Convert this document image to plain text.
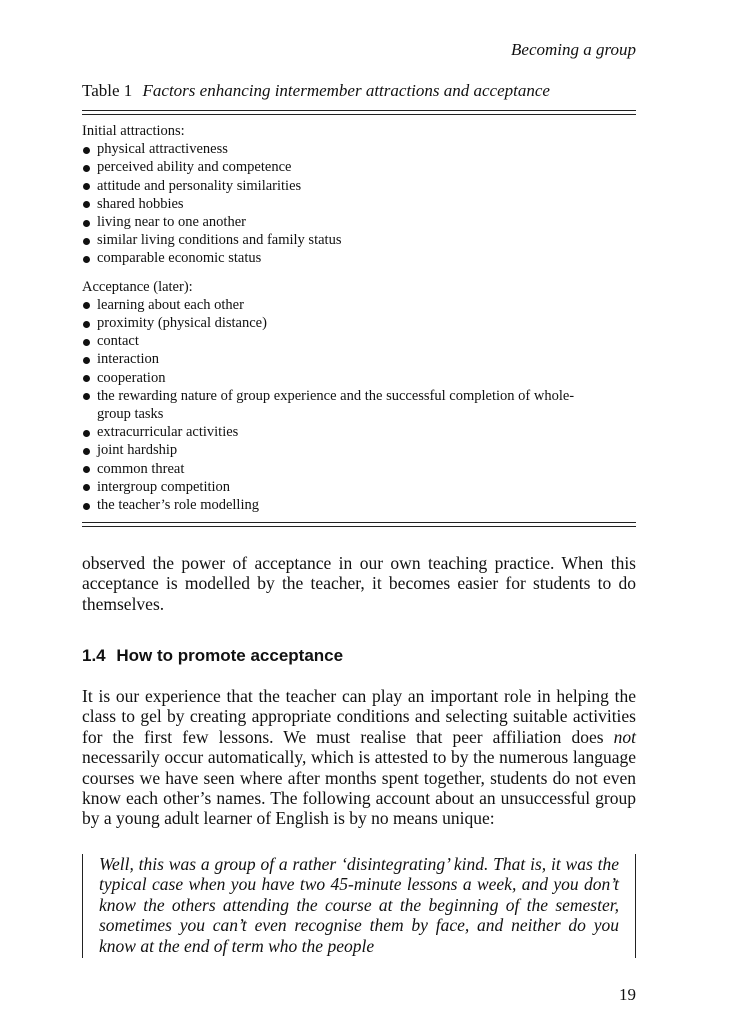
Becoming a group
Table 1 Factors enhancing intermember attractions and acceptance
Initial attractions:
physical attractiveness
perceived ability and competence
attitude and personality similarities
shared hobbies
living near to one another
similar living conditions and family status
comparable economic status
Acceptance (later):
learning about each other
proximity (physical distance)
contact
interaction
cooperation
the rewarding nature of group experience and the successful completion of whole-group tasks
extracurricular activities
joint hardship
common threat
intergroup competition
the teacher’s role modelling

observed the power of acceptance in our own teaching practice. When this acceptance is modelled by the teacher, it becomes easier for students to do themselves.

1.4 How to promote acceptance

It is our experience that the teacher can play an important role in helping the class to gel by creating appropriate conditions and selecting suitable activities for the first few lessons. We must realise that peer affiliation does not necessarily occur automatically, which is attested to by the numerous language courses we have seen where after months spent together, students do not even know each other’s names. The following account about an unsuccessful group by a young adult learner of English is by no means unique:

Well, this was a group of a rather ‘disintegrating’ kind. That is, it was the typical case when you have two 45-minute lessons a week, and you don’t know the others attending the course at the beginning of the semester, sometimes you can’t even recognise them by face, and neither do you know at the end of term who the people

19
